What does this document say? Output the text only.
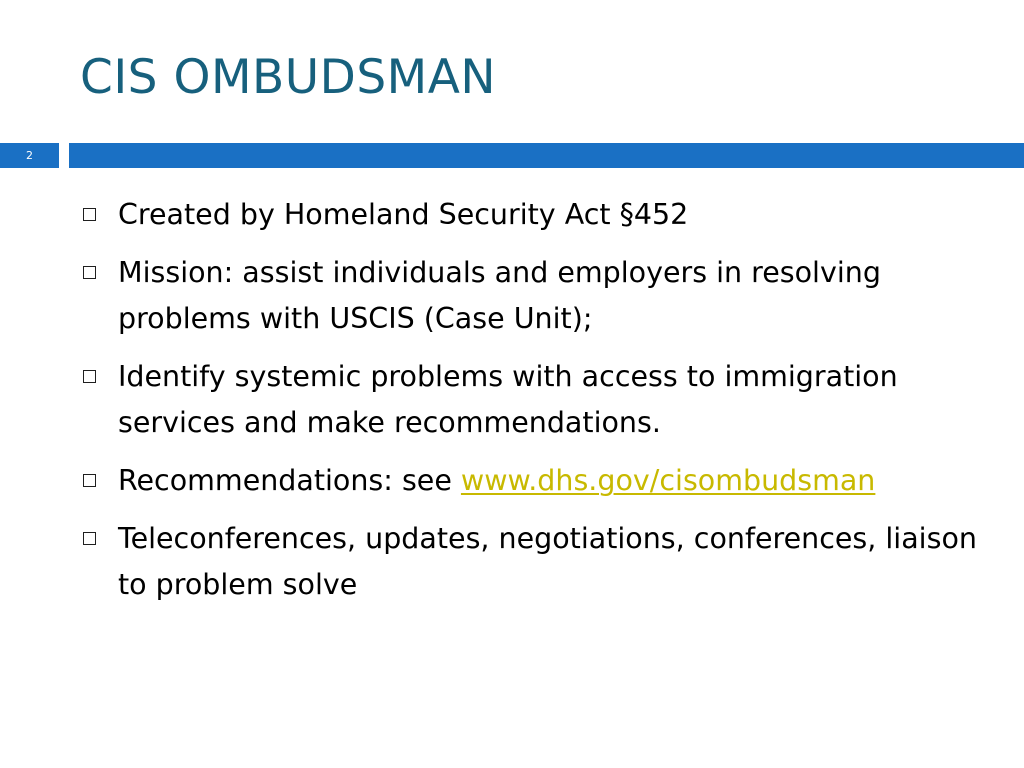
CIS OMBUDSMAN
2
Created by Homeland Security Act §452
Mission: assist individuals and employers in resolving problems with USCIS (Case Unit);
Identify systemic problems with access to immigration services and make recommendations.
Recommendations: see www.dhs.gov/cisombudsman
Teleconferences, updates, negotiations, conferences, liaison to problem solve
